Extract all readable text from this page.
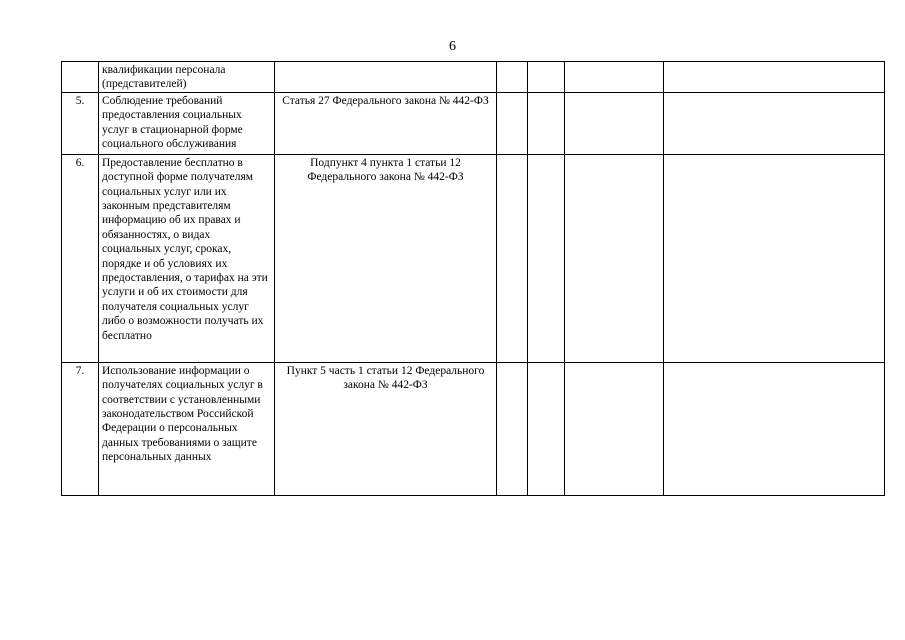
6
	квалификации персонала (представителей)					
5.	Соблюдение требований предоставления социальных услуг в стационарной форме социального обслуживания	Статья 27 Федерального закона № 442-ФЗ				
6.	Предоставление бесплатно в доступной форме получателям социальных услуг или их законным представителям информацию об их правах и обязанностях, о видах социальных услуг, сроках, порядке и об условиях их предоставления, о тарифах на эти услуги и об их стоимости для получателя социальных услуг либо о возможности получать их бесплатно	Подпункт 4 пункта 1 статьи 12 Федерального закона № 442-ФЗ				
7.	Использование информации о получателях социальных услуг в соответствии с установленными законодательством Российской Федерации о персональных данных требованиями о защите персональных данных	Пункт 5 часть 1 статьи 12 Федерального закона № 442-ФЗ				
